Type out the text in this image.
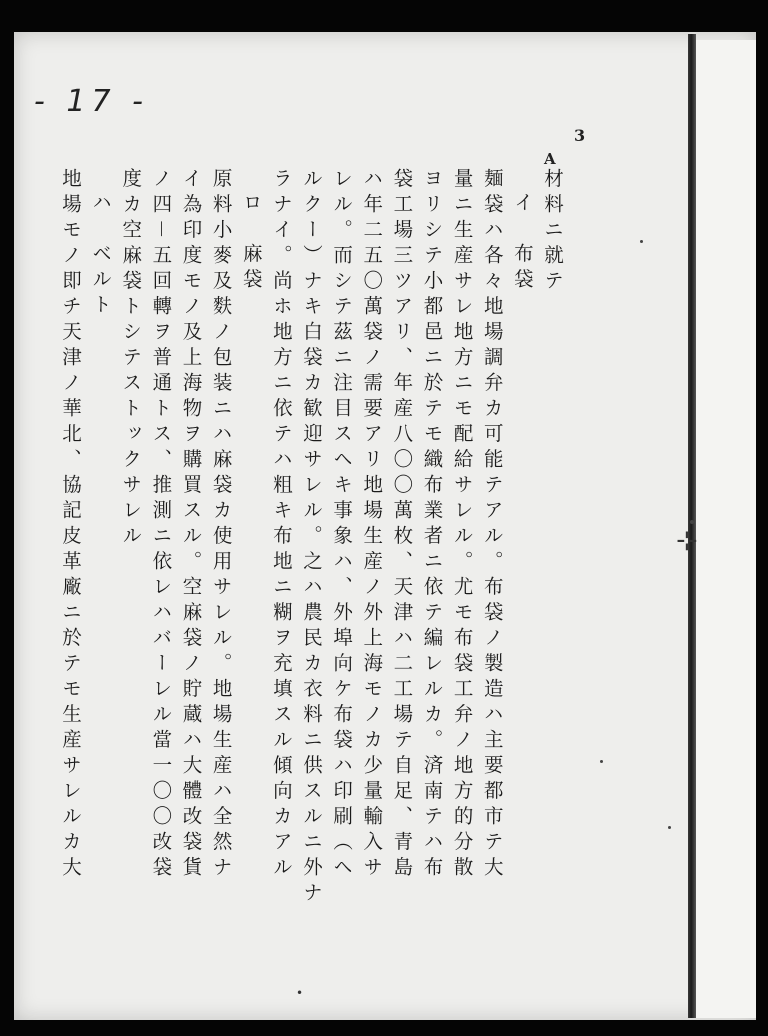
- 17 -
3
A
材料ニ就テ
イ　布袋
麺袋ハ各々地場調弁カ可能テアル。布袋ノ製造ハ主要都市テ大
量ニ生産サレ地方ニモ配給サレル。尤モ布袋工弁ノ地方的分散
ヨリシテ小都邑ニ於テモ織布業者ニ依テ編レルカ。済南テハ布
袋工場三ツアリ、年産八〇〇萬枚、天津ハ二工場テ自足、青島
ハ年二五〇萬袋ノ需要アリ地場生産ノ外上海モノカ少量輸入サ
レル。而シテ茲ニ注目スヘキ事象ハ、外埠向ケ布袋ハ印刷（ヘ
ルクー）ナキ白袋カ歓迎サレル。之ハ農民カ衣料ニ供スルニ外ナ
ラナイ。尚ホ地方ニ依テハ粗キ布地ニ糊ヲ充填スル傾向カアル
ロ　麻袋
原料小麥及麩ノ包装ニハ麻袋カ使用サレル。地場生産ハ全然ナ
イ為印度モノ及上海物ヲ購買スル。空麻袋ノ貯蔵ハ大體改袋貨
ノ四－五回轉ヲ普通トス、推測ニ依レハバーレル當一〇〇改袋
度カ空麻袋トシテストックサレル
ハ　ベルト
地場モノ即チ天津ノ華北、協記皮革廠ニ於テモ生産サレルカ大	⊹
•
